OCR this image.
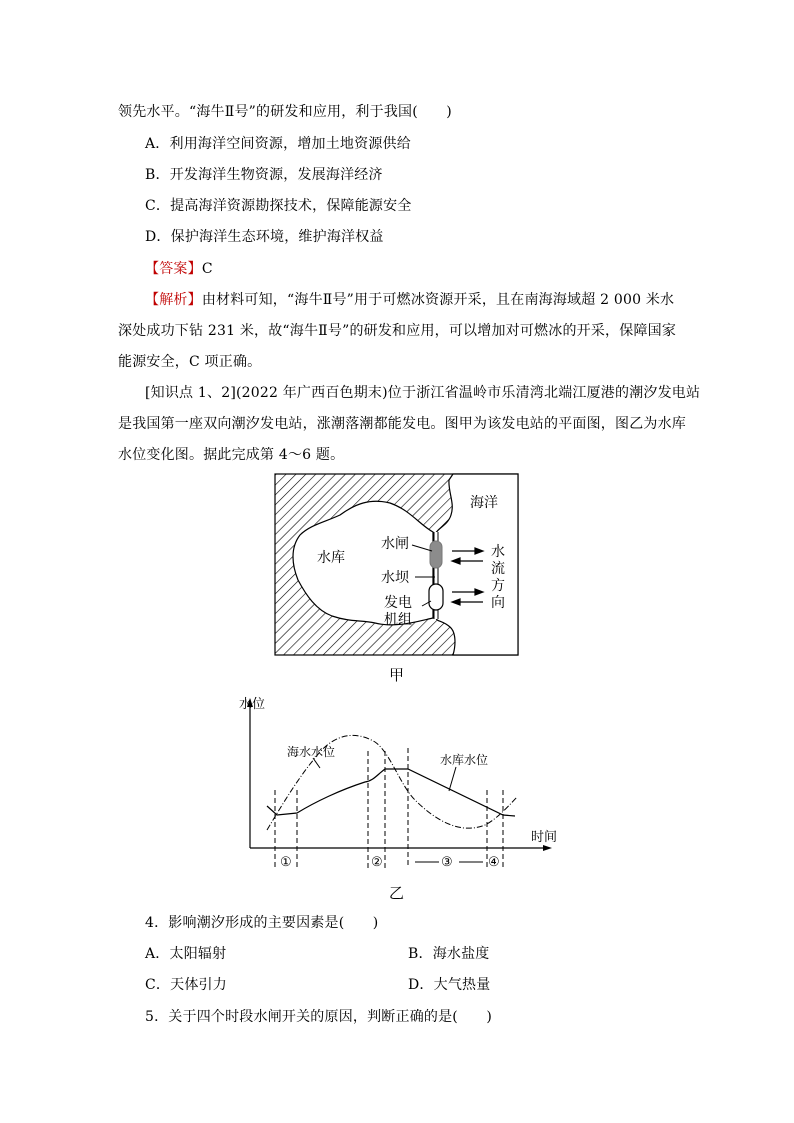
领先水平。“海牛Ⅱ号”的研发和应用，利于我国(　　)
A．利用海洋空间资源，增加土地资源供给
B．开发海洋生物资源，发展海洋经济
C．提高海洋资源勘探技术，保障能源安全
D．保护海洋生态环境，维护海洋权益
【答案】C
【解析】由材料可知，“海牛Ⅱ号”用于可燃冰资源开采，且在南海海域超 2 000 米水
深处成功下钻 231 米，故“海牛Ⅱ号”的研发和应用，可以增加对可燃冰的开采，保障国家
能源安全，C 项正确。
[知识点 1、2](2022 年广西百色期末)位于浙江省温岭市乐清湾北端江厦港的潮汐发电站
是我国第一座双向潮汐发电站，涨潮落潮都能发电。图甲为该发电站的平面图，图乙为水库
水位变化图。据此完成第 4～6 题。
海洋
水库
水闸
水坝
发电
机组
水
流
方
向
甲
水位
时间
海水水位
水库水位
①	②	③	④
乙
4．影响潮汐形成的主要因素是(　　)
A．太阳辐射	B．海水盐度
C．天体引力	D．大气热量
5．关于四个时段水闸开关的原因，判断正确的是(　　)
